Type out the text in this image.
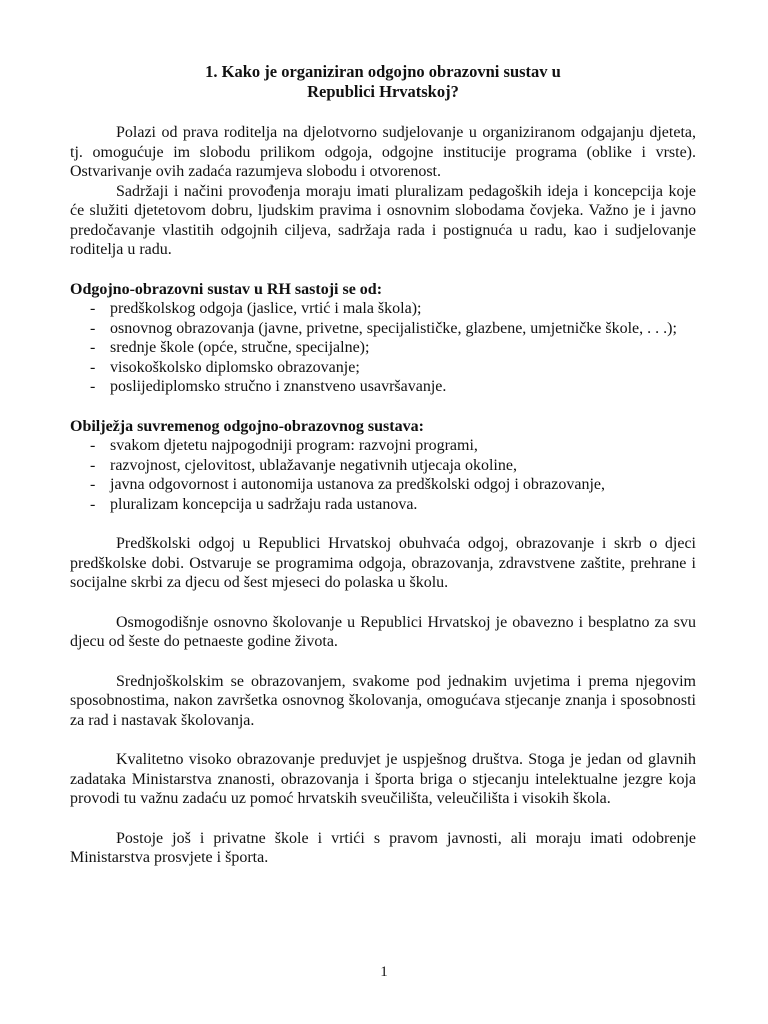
1. Kako je organiziran odgojno obrazovni sustav u
Republici Hrvatskoj?

Polazi od prava roditelja na djelotvorno sudjelovanje u organiziranom odgajanju djeteta, tj. omogućuje im slobodu prilikom odgoja, odgojne institucije programa (oblike i vrste). Ostvarivanje ovih zadaća razumjeva slobodu i otvorenost.

Sadržaji i načini provođenja moraju imati pluralizam pedagoških ideja i koncepcija koje će služiti djetetovom dobru, ljudskim pravima i osnovnim slobodama čovjeka. Važno je i javno predočavanje vlastitih odgojnih ciljeva, sadržaja rada i postignuća u radu, kao i sudjelovanje roditelja u radu.

Odgojno-obrazovni sustav u RH sastoji se od:
- predškolskog odgoja (jaslice, vrtić i mala škola);
- osnovnog obrazovanja (javne, privetne, specijalističke, glazbene, umjetničke škole, . . .);
- srednje škole (opće, stručne, specijalne);
- visokoškolsko diplomsko obrazovanje;
- poslijediplomsko stručno i znanstveno usavršavanje.
Obilježja suvremenog odgojno-obrazovnog sustava:
- svakom djetetu najpogodniji program: razvojni programi,
- razvojnost, cjelovitost, ublažavanje negativnih utjecaja okoline,
- javna odgovornost i autonomija ustanova za predškolski odgoj i obrazovanje,
- pluralizam koncepcija u sadržaju rada ustanova.

Predškolski odgoj u Republici Hrvatskoj obuhvaća odgoj, obrazovanje i skrb o djeci predškolske dobi. Ostvaruje se programima odgoja, obrazovanja, zdravstvene zaštite, prehrane i socijalne skrbi za djecu od šest mjeseci do polaska u školu.

Osmogodišnje osnovno školovanje u Republici Hrvatskoj je obavezno i besplatno za svu djecu od šeste do petnaeste godine života.

Srednjoškolskim se obrazovanjem, svakome pod jednakim uvjetima i prema njegovim sposobnostima, nakon završetka osnovnog školovanja, omogućava stjecanje znanja i sposobnosti za rad i nastavak školovanja.

Kvalitetno visoko obrazovanje preduvjet je uspješnog društva. Stoga je jedan od glavnih zadataka Ministarstva znanosti, obrazovanja i športa briga o stjecanju intelektualne jezgre koja provodi tu važnu zadaću uz pomoć hrvatskih sveučilišta, veleučilišta i visokih škola.

Postoje još i privatne škole i vrtići s pravom javnosti, ali moraju imati odobrenje Ministarstva prosvjete i športa.

1
